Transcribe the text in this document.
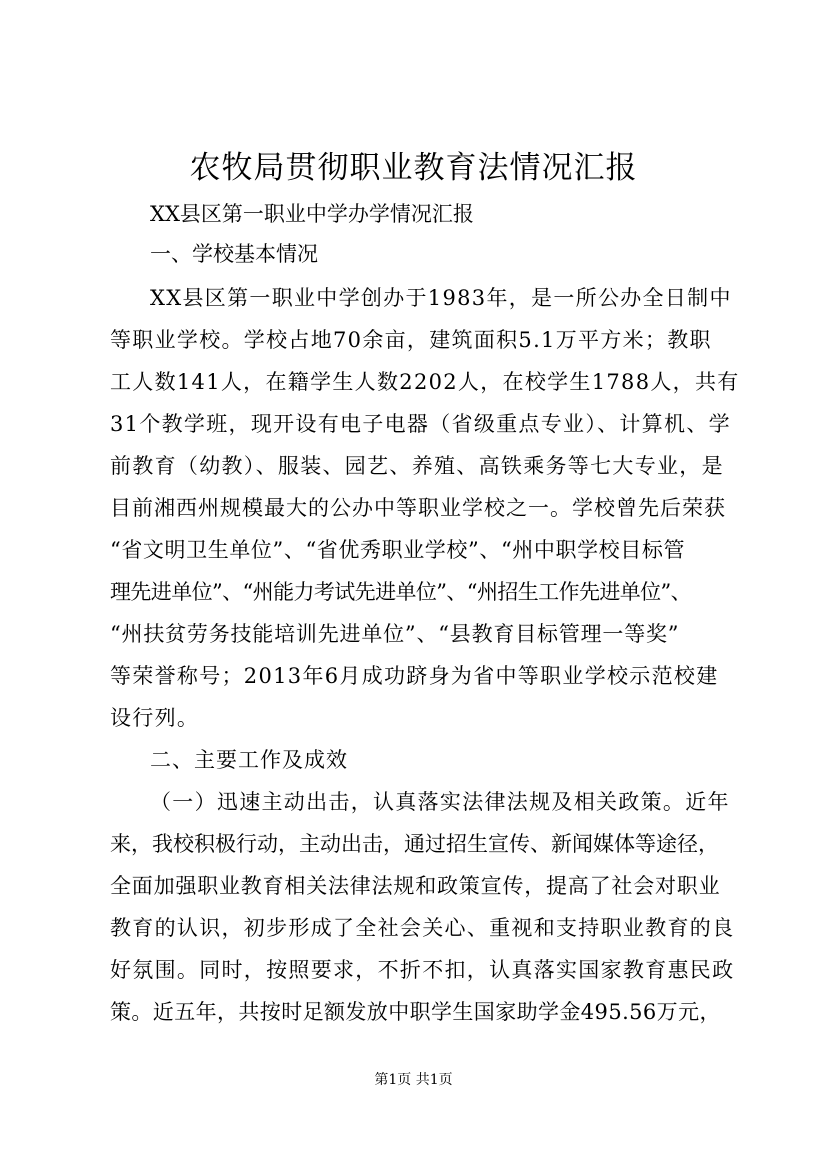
农牧局贯彻职业教育法情况汇报
XX县区第一职业中学办学情况汇报
一、学校基本情况
XX县区第一职业中学创办于1983年，是一所公办全日制中
等职业学校。学校占地70余亩，建筑面积5.1万平方米；教职
工人数141人，在籍学生人数2202人，在校学生1788人，共有
31个教学班，现开设有电子电器（省级重点专业）、计算机、学
前教育（幼教）、服装、园艺、养殖、高铁乘务等七大专业，是
目前湘西州规模最大的公办中等职业学校之一。学校曾先后荣获
“省文明卫生单位”、“省优秀职业学校”、“州中职学校目标管
理先进单位”、“州能力考试先进单位”、“州招生工作先进单位”、
“州扶贫劳务技能培训先进单位”、“县教育目标管理一等奖”
等荣誉称号；2013年6月成功跻身为省中等职业学校示范校建
设行列。
二、主要工作及成效
（一）迅速主动出击，认真落实法律法规及相关政策。近年
来，我校积极行动，主动出击，通过招生宣传、新闻媒体等途径，
全面加强职业教育相关法律法规和政策宣传，提高了社会对职业
教育的认识，初步形成了全社会关心、重视和支持职业教育的良
好氛围。同时，按照要求，不折不扣，认真落实国家教育惠民政
策。近五年，共按时足额发放中职学生国家助学金495.56万元，
第1页 共1页
